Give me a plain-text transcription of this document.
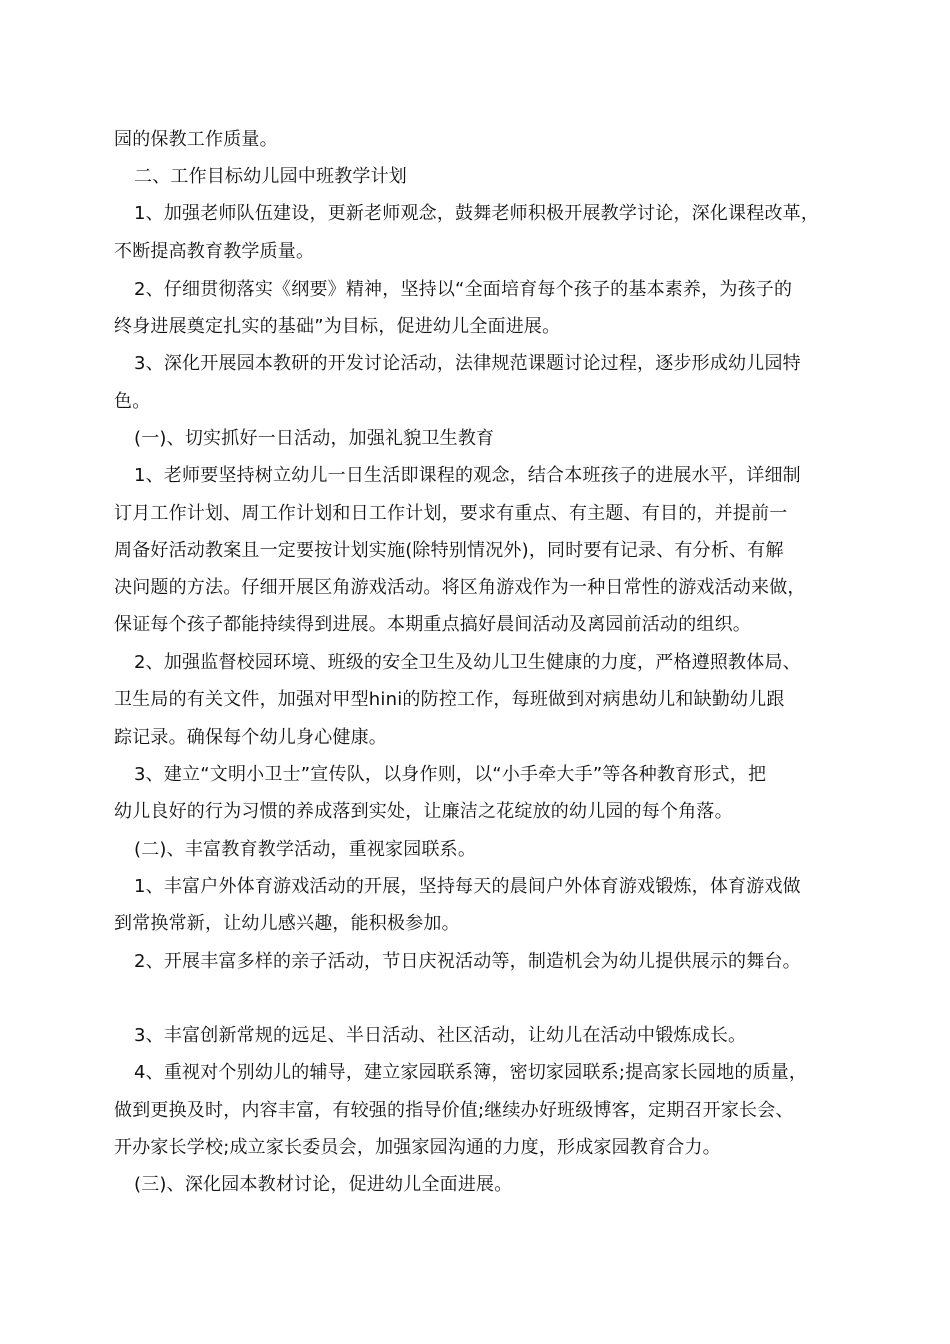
园的保教工作质量。
二、工作目标幼儿园中班教学计划
1、加强老师队伍建设，更新老师观念，鼓舞老师积极开展教学讨论，深化课程改革，
不断提高教育教学质量。
2、仔细贯彻落实《纲要》精神，坚持以“全面培育每个孩子的基本素养，为孩子的
终身进展奠定扎实的基础”为目标，促进幼儿全面进展。
3、深化开展园本教研的开发讨论活动，法律规范课题讨论过程，逐步形成幼儿园特
色。
(一)、切实抓好一日活动，加强礼貌卫生教育
1、老师要坚持树立幼儿一日生活即课程的观念，结合本班孩子的进展水平，详细制
订月工作计划、周工作计划和日工作计划，要求有重点、有主题、有目的，并提前一
周备好活动教案且一定要按计划实施(除特别情况外)，同时要有记录、有分析、有解
决问题的方法。仔细开展区角游戏活动。将区角游戏作为一种日常性的游戏活动来做，
保证每个孩子都能持续得到进展。本期重点搞好晨间活动及离园前活动的组织。
2、加强监督校园环境、班级的安全卫生及幼儿卫生健康的力度，严格遵照教体局、
卫生局的有关文件，加强对甲型hini的防控工作，每班做到对病患幼儿和缺勤幼儿跟
踪记录。确保每个幼儿身心健康。
3、建立“文明小卫士”宣传队，以身作则，以“小手牵大手”等各种教育形式，把
幼儿良好的行为习惯的养成落到实处，让廉洁之花绽放的幼儿园的每个角落。
(二)、丰富教育教学活动，重视家园联系。
1、丰富户外体育游戏活动的开展，坚持每天的晨间户外体育游戏锻炼，体育游戏做
到常换常新，让幼儿感兴趣，能积极参加。
2、开展丰富多样的亲子活动，节日庆祝活动等，制造机会为幼儿提供展示的舞台。
3、丰富创新常规的远足、半日活动、社区活动，让幼儿在活动中锻炼成长。
4、重视对个别幼儿的辅导，建立家园联系簿，密切家园联系;提高家长园地的质量，
做到更换及时，内容丰富，有较强的指导价值;继续办好班级博客，定期召开家长会、
开办家长学校;成立家长委员会，加强家园沟通的力度，形成家园教育合力。
(三)、深化园本教材讨论，促进幼儿全面进展。
